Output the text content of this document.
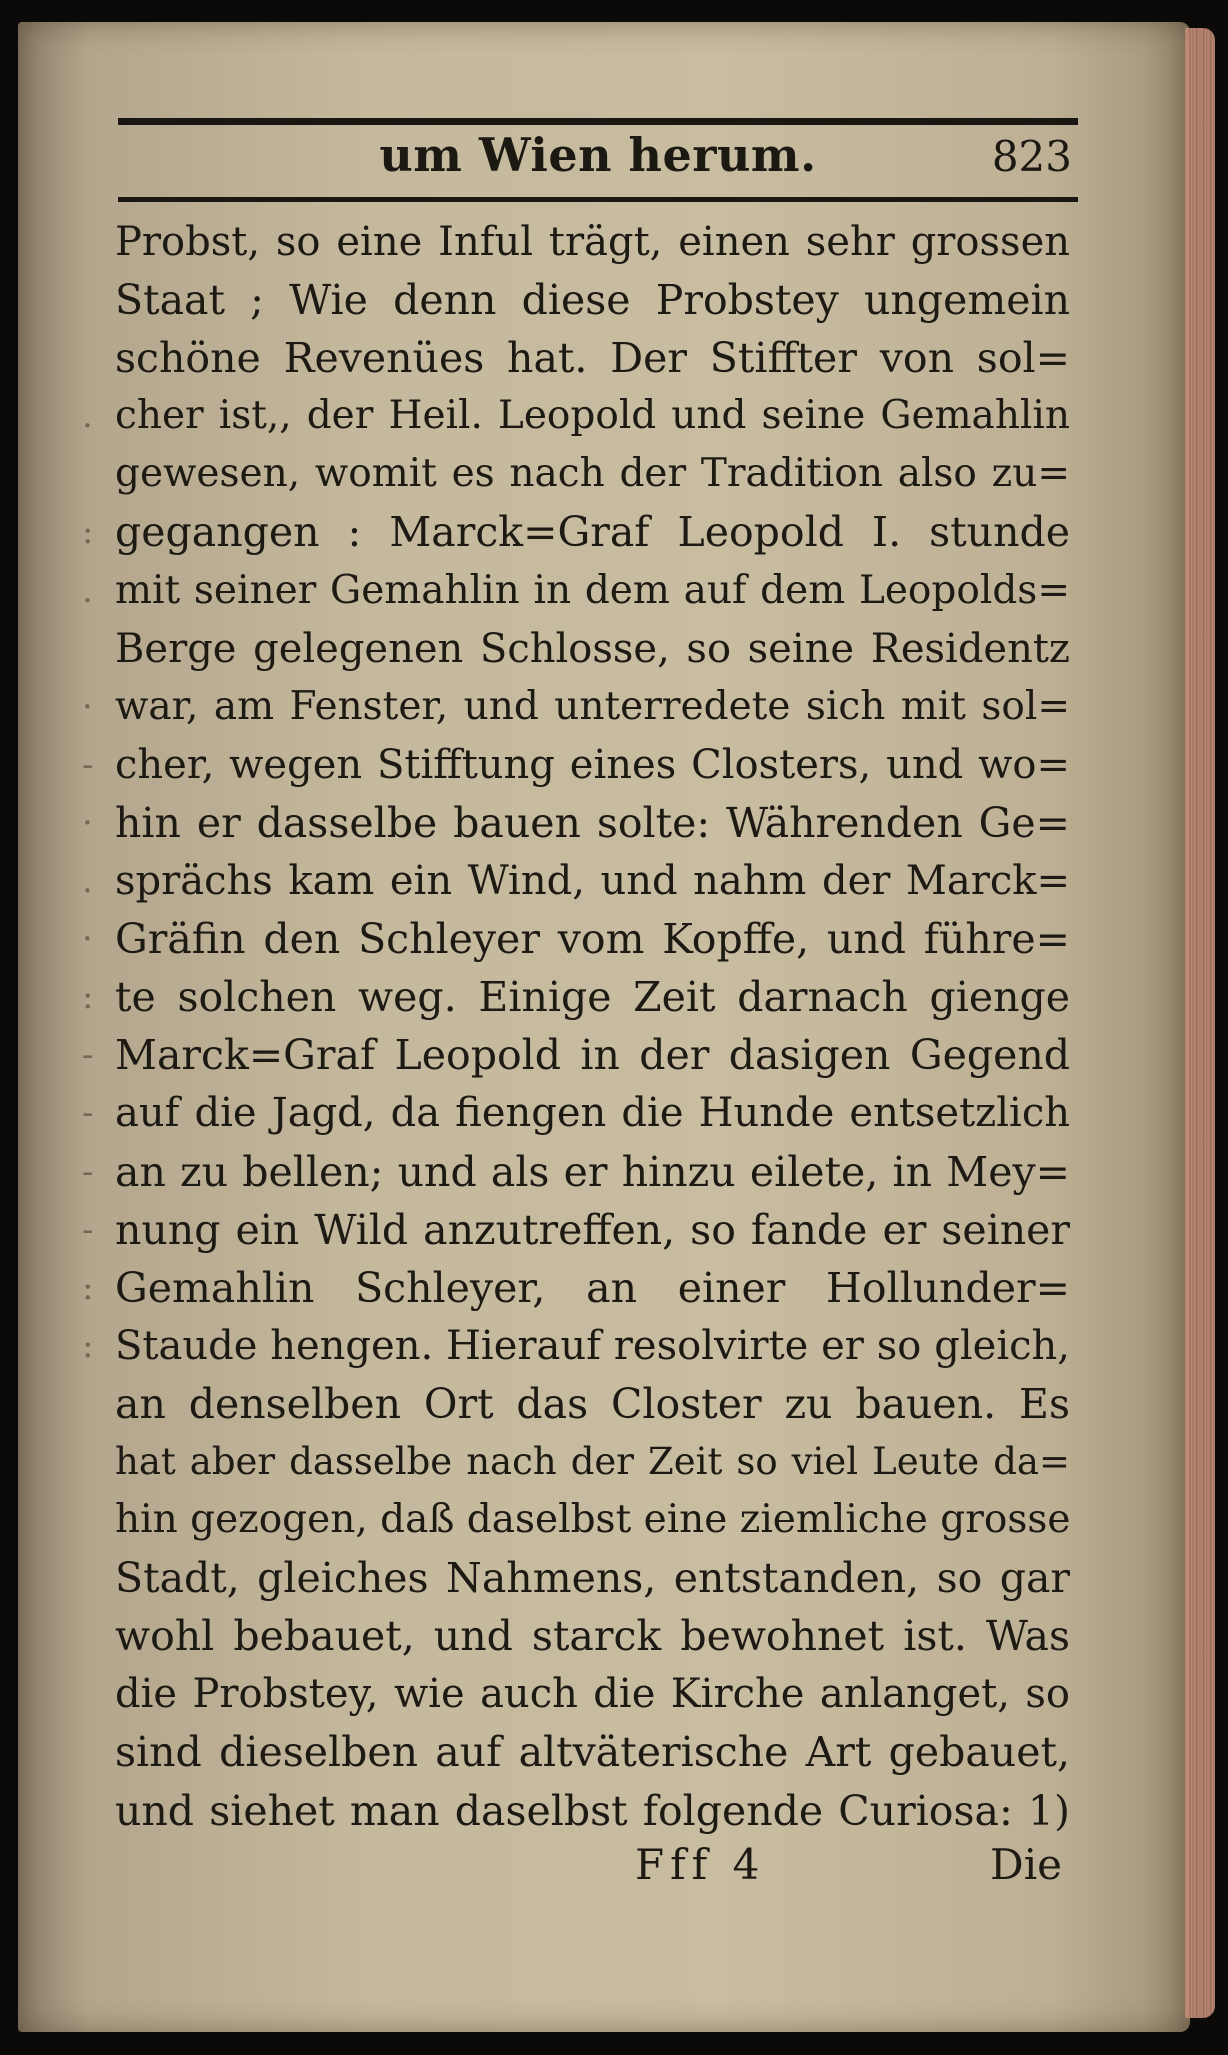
um Wien herum.	823
.
:
.
·
-
·
.
·
:
-
-
-
-
:
:
Probst, so eine Inful trägt, einen sehr grossen
Staat ; Wie denn diese Probstey ungemein
schöne Revenües hat. Der Stiffter von sol=
cher ist,, der Heil. Leopold und seine Gemahlin
gewesen, womit es nach der Tradition also zu=
gegangen : Marck=Graf Leopold I. stunde
mit seiner Gemahlin in dem auf dem Leopolds=
Berge gelegenen Schlosse, so seine Residentz
war, am Fenster, und unterredete sich mit sol=
cher, wegen Stifftung eines Closters, und wo=
hin er dasselbe bauen solte: Währenden Ge=
sprächs kam ein Wind, und nahm der Marck=
Gräfin den Schleyer vom Kopffe, und führe=
te solchen weg. Einige Zeit darnach gienge
Marck=Graf Leopold in der dasigen Gegend
auf die Jagd, da fiengen die Hunde entsetzlich
an zu bellen; und als er hinzu eilete, in Mey=
nung ein Wild anzutreffen, so fande er seiner
Gemahlin Schleyer, an einer Hollunder=
Staude hengen. Hierauf resolvirte er so gleich,
an denselben Ort das Closter zu bauen. Es
hat aber dasselbe nach der Zeit so viel Leute da=
hin gezogen, daß daselbst eine ziemliche grosse
Stadt, gleiches Nahmens, entstanden, so gar
wohl bebauet, und starck bewohnet ist. Was
die Probstey, wie auch die Kirche anlanget, so
sind dieselben auf altväterische Art gebauet,
und siehet man daselbst folgende Curiosa: 1)
Fff 4	Die
